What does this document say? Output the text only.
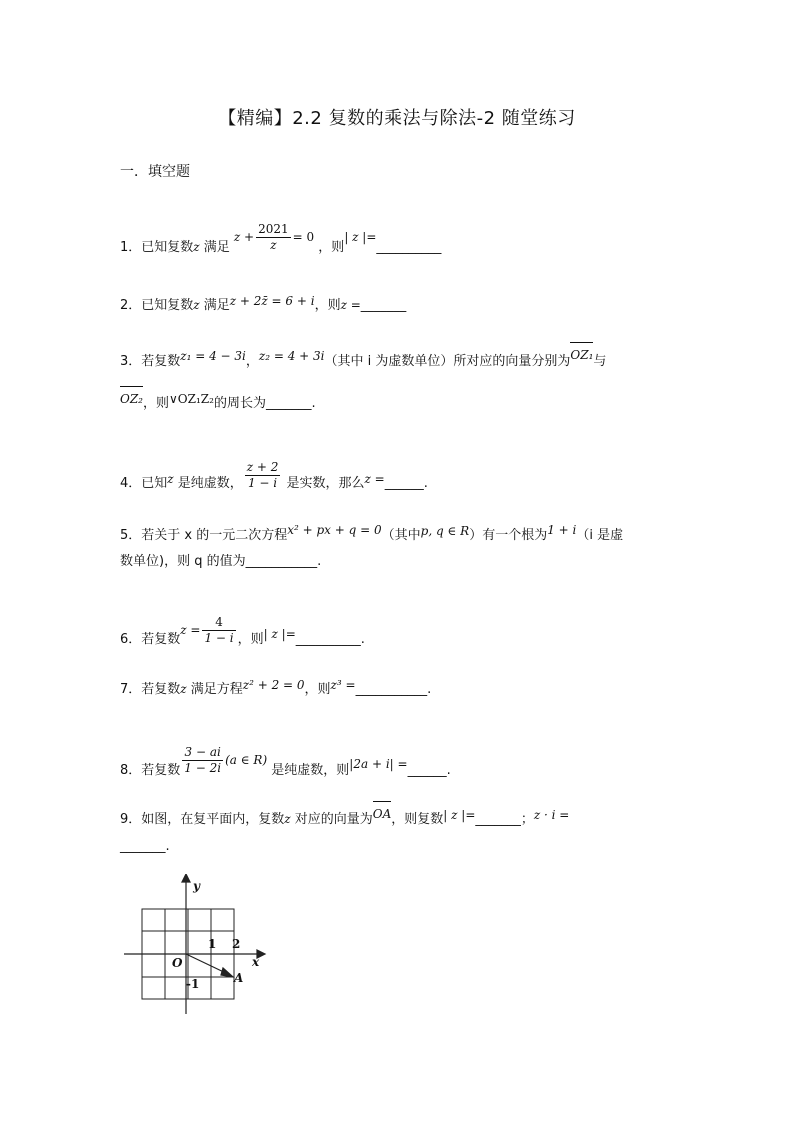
【精编】2.2 复数的乘法与除法-2 随堂练习
一．填空题
1．已知复数z 满足 $z + \frac{2021}{z} = 0$ ，则| z |=__________
2．已知复数z 满足z + 2z̄ = 6 + i，则z =_______
3．若复数z₁ = 4 − 3i，z₂ = 4 + 3i（其中 i 为虚数单位）所对应的向量分别为OZ₁与
OZ₂，则∨OZ₁Z₂的周长为_______.
4．已知z 是纯虚数， $\frac{z + 2}{1 - i}$ 是实数，那么z =______.
5．若关于 x 的一元二次方程x² + px + q = 0（其中p, q ∈ R）有一个根为1 + i（i 是虚
数单位)，则 q 的值为___________.
6．若复数$z = \frac{4}{1 - i}$ ，则| z |=__________.
7．若复数z 满足方程z² + 2 = 0，则z³ =___________.
8．若复数 $\frac{3 - ai}{1 - 2i} (a$ ∈ R) 是纯虚数，则|2a + i| =______.
9．如图，在复平面内，复数z 对应的向量为OA，则复数| z |=_______；z · i =
_______.
y
x
O
A
1 2
-1
